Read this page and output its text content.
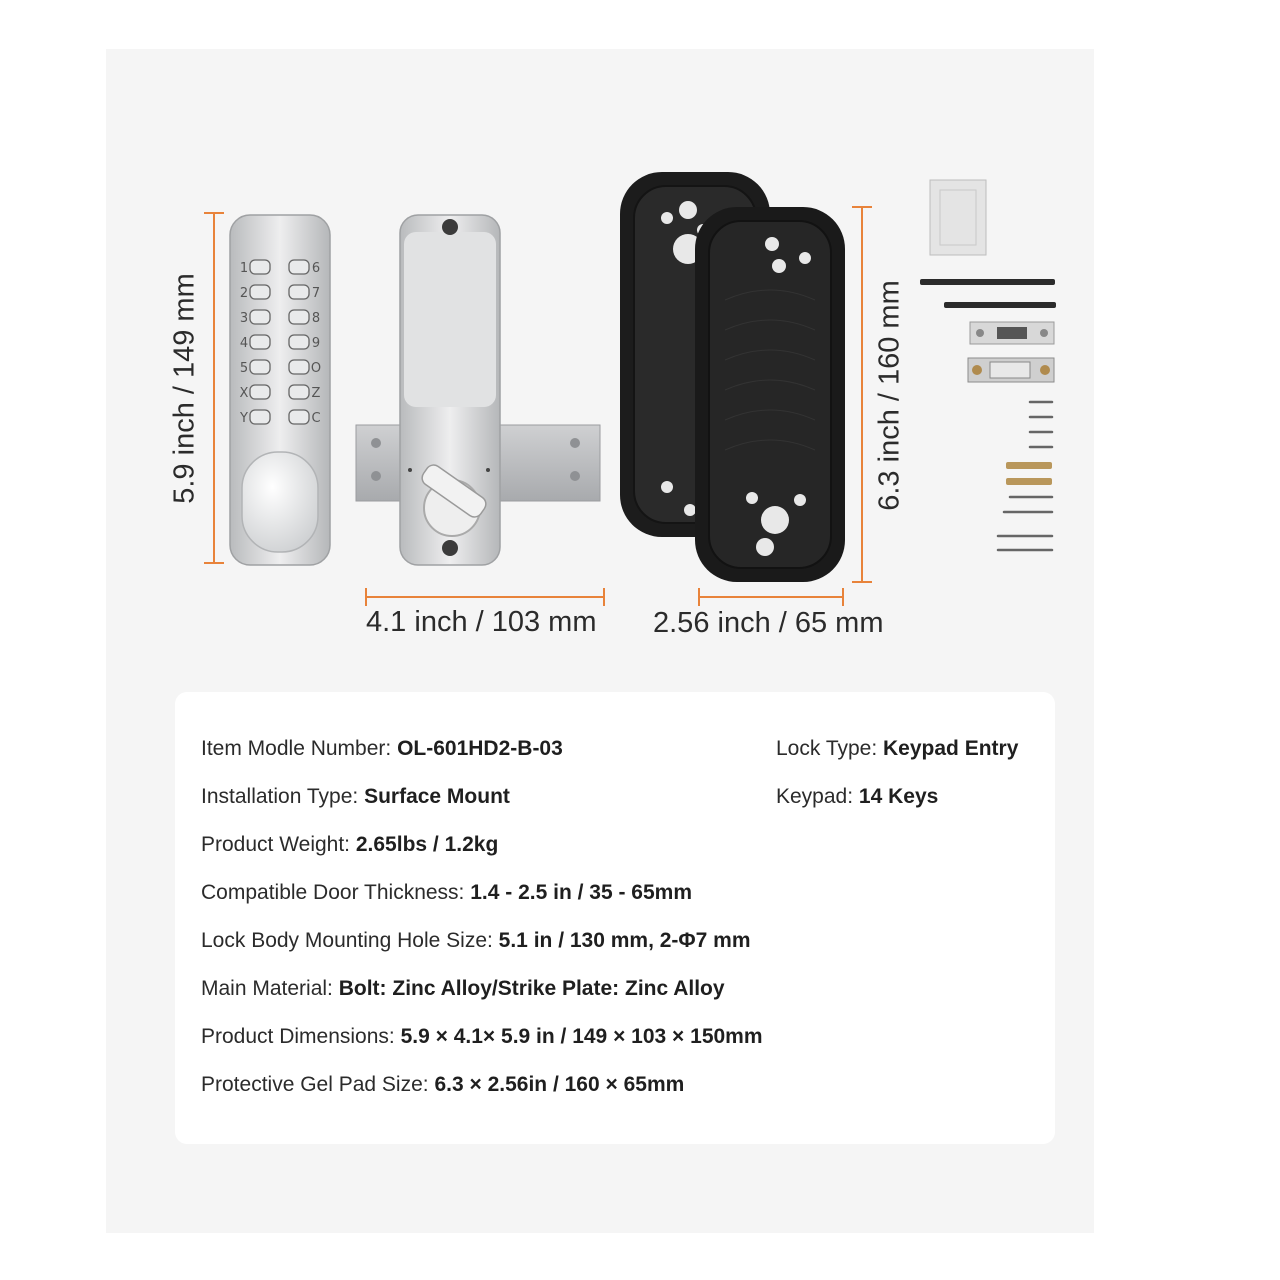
1
2
3
4
5
X
Y
6
7
8
9
O
Z
C
5.9 inch / 149 mm
4.1 inch / 103 mm
6.3 inch / 160 mm
2.56 inch / 65 mm
Item Modle Number: OL-601HD2-B-03
Installation Type: Surface Mount
Product Weight: 2.65lbs / 1.2kg
Compatible Door Thickness: 1.4 - 2.5 in / 35 - 65mm
Lock Body Mounting Hole Size: 5.1 in / 130 mm, 2-Φ7 mm
Main Material: Bolt: Zinc Alloy/Strike Plate: Zinc Alloy
Product Dimensions: 5.9 × 4.1× 5.9 in / 149 × 103 × 150mm
Protective Gel Pad Size: 6.3 × 2.56in / 160 × 65mm
Lock Type: Keypad Entry
Keypad: 14 Keys
